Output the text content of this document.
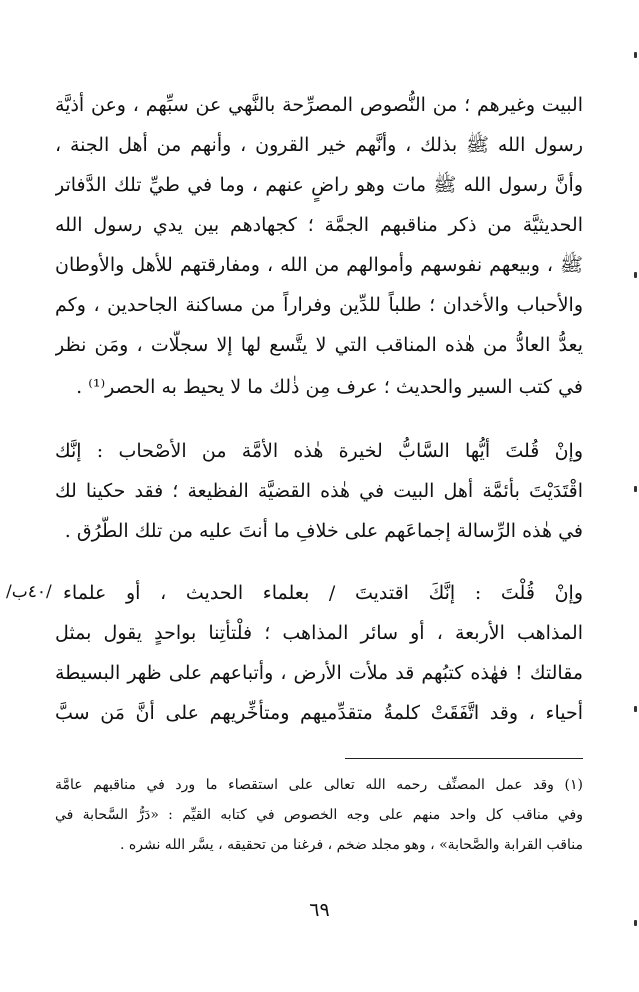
البيت وغيرهم ؛ من النُّصوص المصرِّحة بالنَّهي عن سبِّهم ، وعن أذيَّة
رسول الله ﷺ بذلك ، وأنَّهم خير القرون ، وأنهم من أهل الجنة ،
وأنَّ رسول الله ﷺ مات وهو راضٍ عنهم ، وما في طيِّ تلك الدَّفاتر
الحديثيَّة من ذكر مناقبهم الجمَّة ؛ كجهادهم بين يدي رسول الله
ﷺ ، وبيعهم نفوسهم وأموالهم من الله ، ومفارقتهم للأهل والأوطان
والأحباب والأخدان ؛ طلباً للدِّين وفراراً من مساكنة الجاحدين ، وكم
يعدُّ العادُّ من هٰذه المناقب التي لا يتَّسع لها إلا سجلَّات ، ومَن نظر
في كتب السير والحديث ؛ عرف مِن ذٰلك ما لا يحيط به الحصر⁽¹⁾ .
وإنْ قُلتَ أيُّها السَّابُّ لخيرة هٰذه الأمَّة من الأصْحاب : إنَّك
اقْتَدَيْتَ بأئمَّة أهل البيت في هٰذه القضيَّة الفظيعة ؛ فقد حكينا لك
في هٰذه الرِّسالة إجماعَهم على خلافِ ما أنتَ عليه من تلك الطُّرُق .
وإنْ قُلْتَ : إنَّكَ اقتديتَ / بعلماء الحديث ، أو علماء
/٤٠ب/
المذاهب الأربعة ، أو سائر المذاهب ؛ فلْتأتِنا بواحدٍ يقول بمثل
مقالتك ! فهٰذه كتبُهم قد ملأت الأرض ، وأتباعهم على ظهر البسيطة
أحياء ، وقد اتَّفَقَتْ كلمةُ متقدِّميهم ومتأخِّريهم على أنَّ مَن سبَّ
(١) وقد عمل المصنِّف رحمه الله تعالى على استقصاء ما ورد في مناقبهم عامَّة
وفي مناقب كل واحد منهم على وجه الخصوص في كتابه القيِّم : «دَرُّ السَّحابة في
مناقب القرابة والصَّحابة» ، وهو مجلد ضخم ، فرغنا من تحقيقه ، يسَّر الله نشره .
٦٩
